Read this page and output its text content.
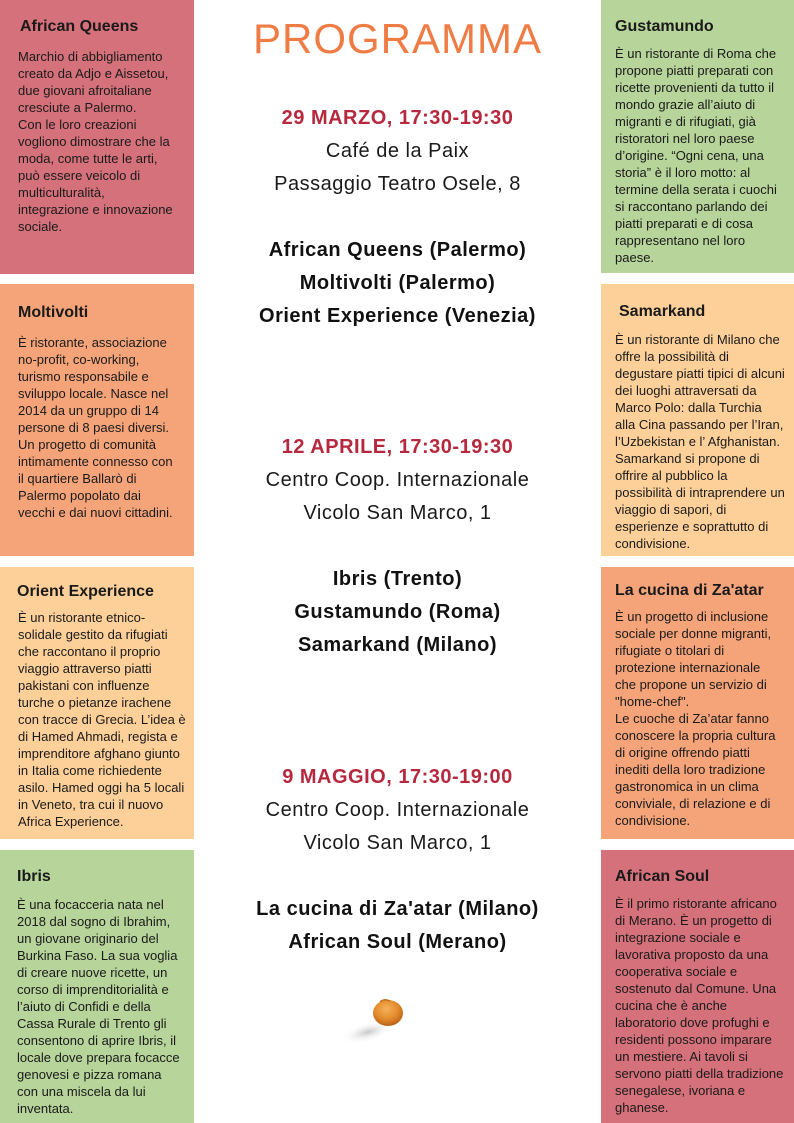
African Queens

Marchio di abbigliamento
creato da Adjo e Aissetou,
due giovani afroitaliane
cresciute a Palermo.
Con le loro creazioni
vogliono dimostrare che la
moda, come tutte le arti,
può essere veicolo di
multiculturalità,
integrazione e innovazione
sociale.

Moltivolti

È ristorante, associazione
no-profit, co-working,
turismo responsabile e
sviluppo locale. Nasce nel
2014 da un gruppo di 14
persone di 8 paesi diversi.
Un progetto di comunità
intimamente connesso con
il quartiere Ballarò di
Palermo popolato dai
vecchi e dai nuovi cittadini.

Orient Experience

È un ristorante etnico-
solidale gestito da rifugiati
che raccontano il proprio
viaggio attraverso piatti
pakistani con influenze
turche o pietanze irachene
con tracce di Grecia. L’idea è
di Hamed Ahmadi, regista e
imprenditore afghano giunto
in Italia come richiedente
asilo. Hamed oggi ha 5 locali
in Veneto, tra cui il nuovo
Africa Experience.

Ibris

È una focacceria nata nel
2018 dal sogno di Ibrahim,
un giovane originario del
Burkina Faso. La sua voglia
di creare nuove ricette, un
corso di imprenditorialità e
l’aiuto di Confidi e della
Cassa Rurale di Trento gli
consentono di aprire Ibris, il
locale dove prepara focacce
genovesi e pizza romana
con una miscela da lui
inventata.

Gustamundo

È un ristorante di Roma che
propone piatti preparati con
ricette provenienti da tutto il
mondo grazie all’aiuto di
migranti e di rifugiati, già
ristoratori nel loro paese
d’origine. “Ogni cena, una
storia” è il loro motto: al
termine della serata i cuochi
si raccontano parlando dei
piatti preparati e di cosa
rappresentano nel loro
paese.

Samarkand

È un ristorante di Milano che
offre la possibilità di
degustare piatti tipici di alcuni
dei luoghi attraversati da
Marco Polo: dalla Turchia
alla Cina passando per l’Iran,
l’Uzbekistan e l’ Afghanistan.
Samarkand si propone di
offrire al pubblico la
possibilità di intraprendere un
viaggio di sapori, di
esperienze e soprattutto di
condivisione.

La cucina di Za'atar

È un progetto di inclusione
sociale per donne migranti,
rifugiate o titolari di
protezione internazionale
che propone un servizio di
"home-chef".
Le cuoche di Za’atar fanno
conoscere la propria cultura
di origine offrendo piatti
inediti della loro tradizione
gastronomica in un clima
conviviale, di relazione e di
condivisione.

African Soul

È il primo ristorante africano
di Merano. È un progetto di
integrazione sociale e
lavorativa proposto da una
cooperativa sociale e
sostenuto dal Comune. Una
cucina che è anche
laboratorio dove profughi e
residenti possono imparare
un mestiere. Ai tavoli si
servono piatti della tradizione
senegalese, ivoriana e
ghanese.

PROGRAMMA
29 MARZO, 17:30-19:30
Café de la Paix
Passaggio Teatro Osele, 8
African Queens (Palermo)
Moltivolti (Palermo)
Orient Experience (Venezia)
12 APRILE, 17:30-19:30
Centro Coop. Internazionale
Vicolo San Marco, 1
Ibris (Trento)
Gustamundo (Roma)
Samarkand (Milano)
9 MAGGIO, 17:30-19:00
Centro Coop. Internazionale
Vicolo San Marco, 1
La cucina di Za'atar (Milano)
African Soul (Merano)
